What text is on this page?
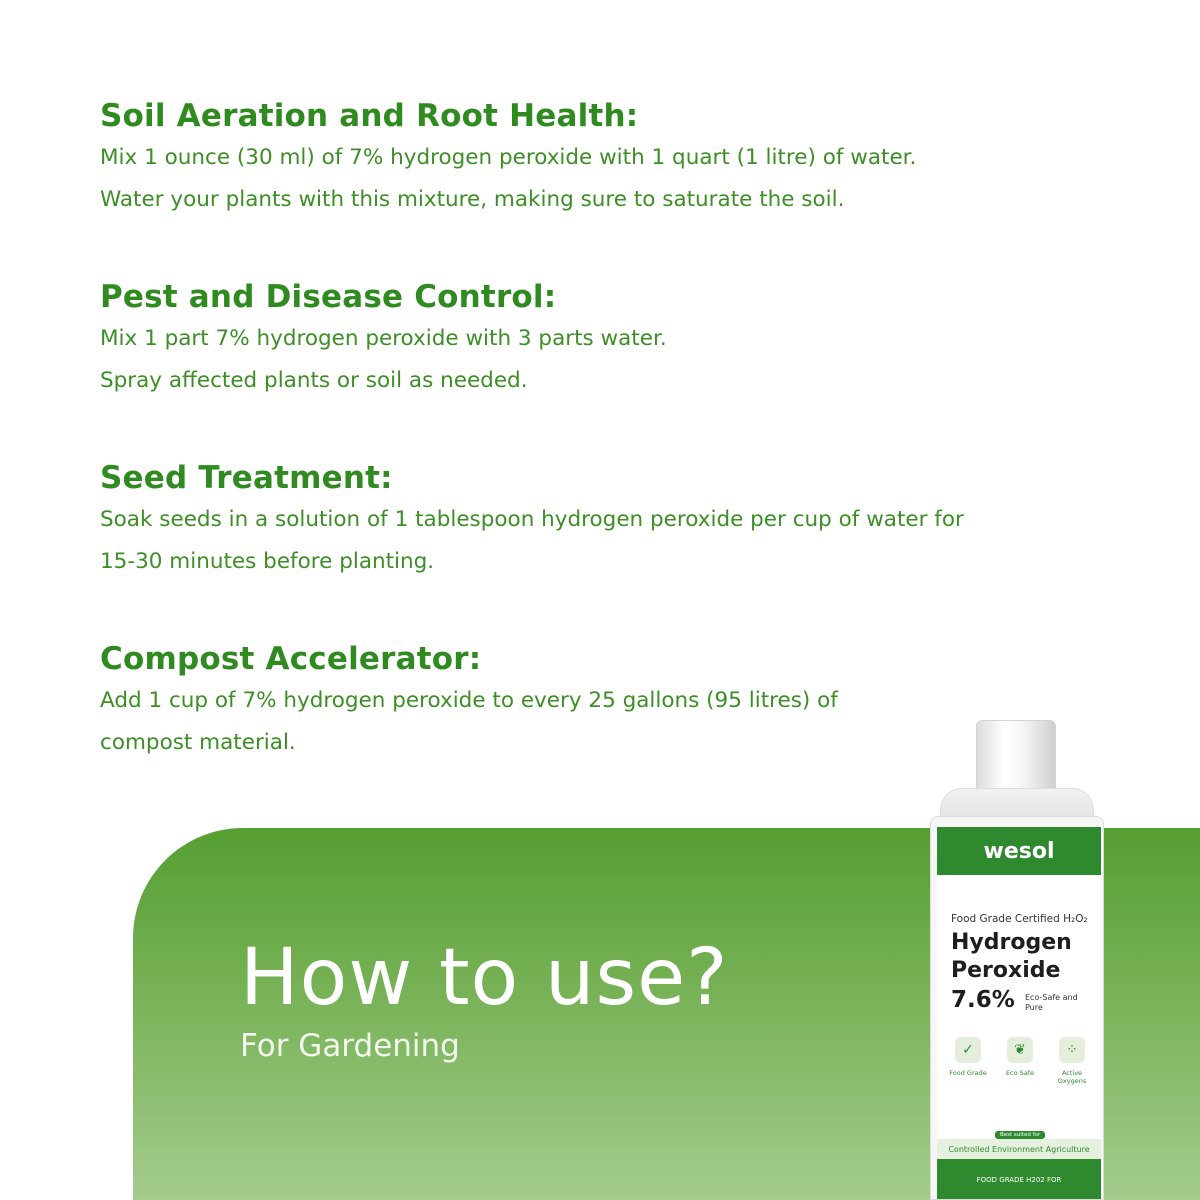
Soil Aeration and Root Health:
Mix 1 ounce (30 ml) of 7% hydrogen peroxide with 1 quart (1 litre) of water.
Water your plants with this mixture, making sure to saturate the soil.
Pest and Disease Control:
Mix 1 part 7% hydrogen peroxide with 3 parts water.
Spray affected plants or soil as needed.
Seed Treatment:
Soak seeds in a solution of 1 tablespoon hydrogen peroxide per cup of water for
15-30 minutes before planting.
Compost Accelerator:
Add 1 cup of 7% hydrogen peroxide to every 25 gallons (95 litres) of
compost material.
How to use?
For Gardening
wesol
Food Grade Certified H₂O₂
Hydrogen Peroxide
7.6% Eco-Safe and Pure
✓
Food Grade
❦
Eco Safe
⁘
Active Oxygens
Best suited for
Controlled Environment Agriculture
FOOD GRADE H202 FOR
